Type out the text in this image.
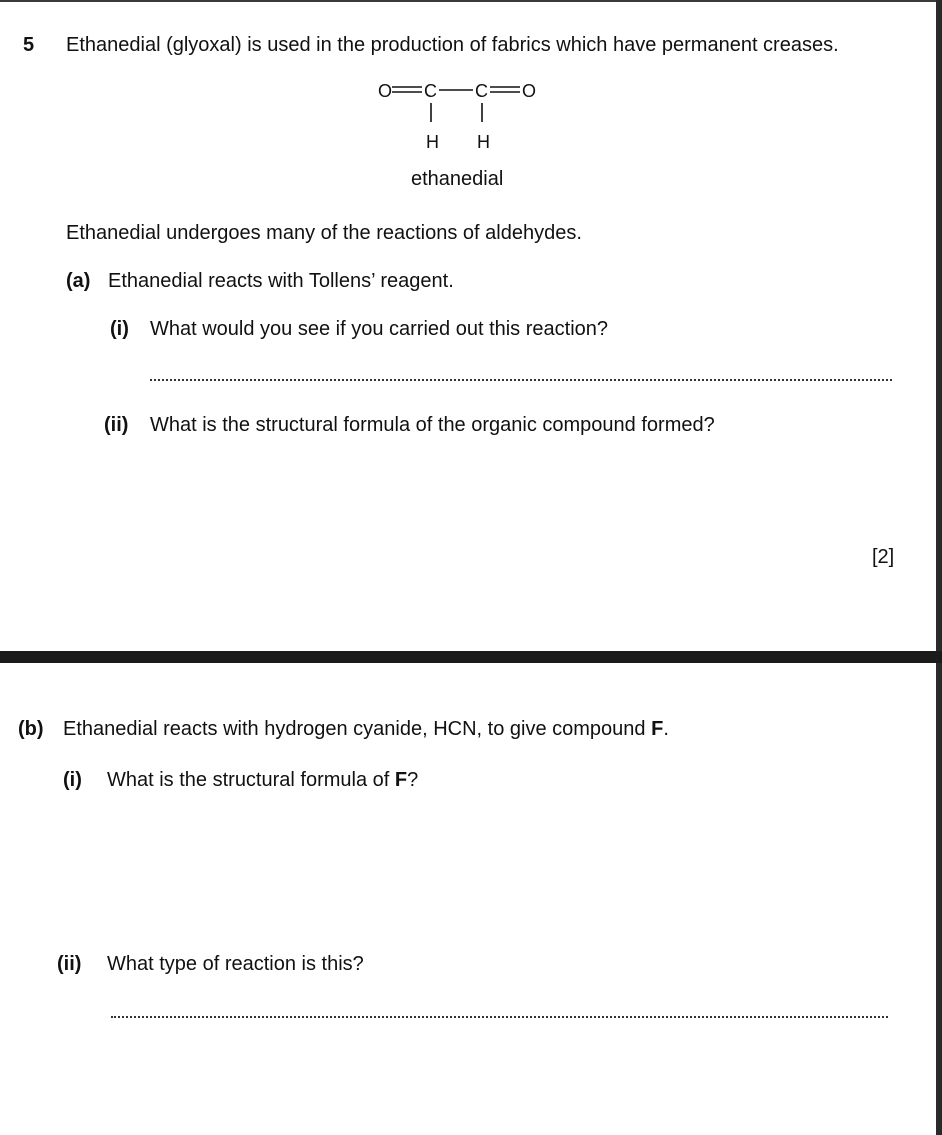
5 Ethanedial (glyoxal) is used in the production of fabrics which have permanent creases.
O C C O
H H
ethanedial
Ethanedial undergoes many of the reactions of aldehydes.
(a) Ethanedial reacts with Tollens’ reagent.
(i) What would you see if you carried out this reaction?
(ii) What is the structural formula of the organic compound formed?
[2]
(b) Ethanedial reacts with hydrogen cyanide, HCN, to give compound F.
(i) What is the structural formula of F?
(ii) What type of reaction is this?
